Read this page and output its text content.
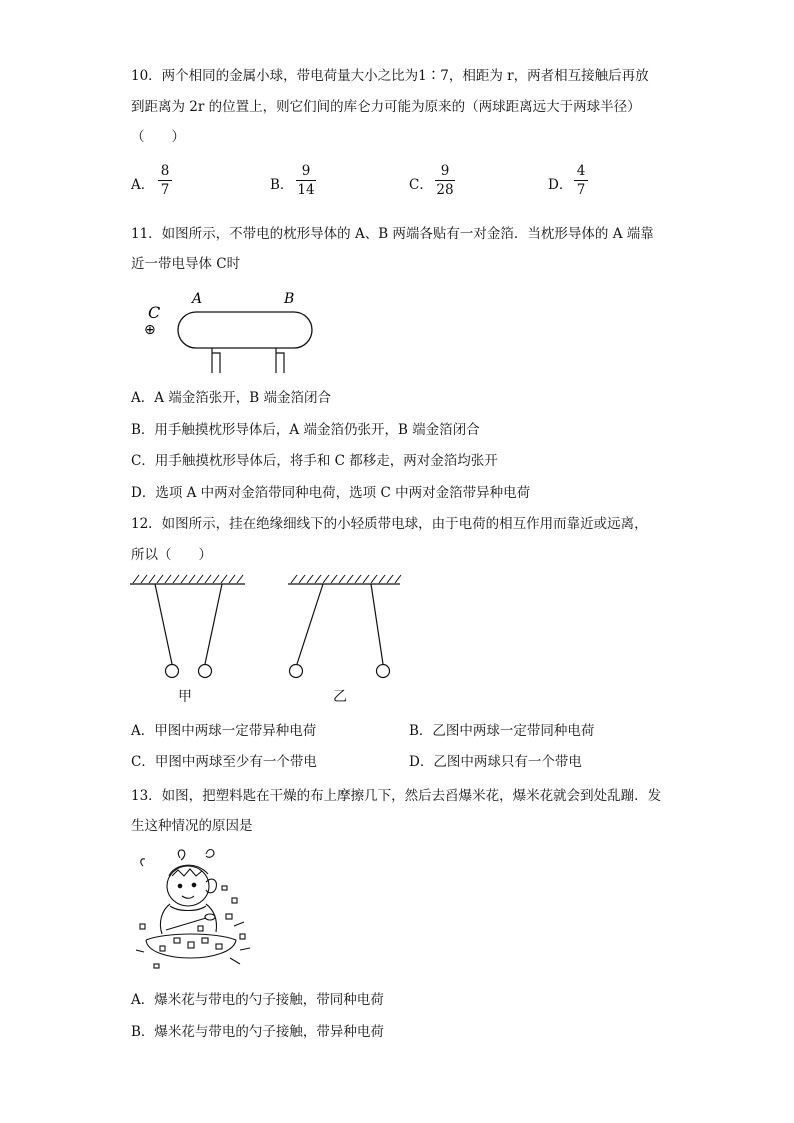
10．两个相同的金属小球，带电荷量大小之比为1∶7，相距为 r，两者相互接触后再放
到距离为 2r 的位置上，则它们间的库仑力可能为原来的（两球距离远大于两球半径）
（　　）
A．
8
7	B．
9
14	C．
9
28	D．
4
7
11．如图所示，不带电的枕形导体的 A、B 两端各贴有一对金箔．当枕形导体的 A 端靠
近一带电导体 C时
C
⊕
A	B
A．A 端金箔张开，B 端金箔闭合
B．用手触摸枕形导体后，A 端金箔仍张开，B 端金箔闭合
C．用手触摸枕形导体后，将手和 C 都移走，两对金箔均张开
D．选项 A 中两对金箔带同种电荷，选项 C 中两对金箔带异种电荷
12．如图所示，挂在绝缘细线下的小轻质带电球，由于电荷的相互作用而靠近或远离，
所以（　　）
甲	乙
A．甲图中两球一定带异种电荷	B．乙图中两球一定带同种电荷
C．甲图中两球至少有一个带电	D．乙图中两球只有一个带电
13．如图，把塑料匙在干燥的布上摩擦几下，然后去舀爆米花，爆米花就会到处乱蹦．发
生这种情况的原因是
A．爆米花与带电的勺子接触，带同种电荷
B．爆米花与带电的勺子接触，带异种电荷
